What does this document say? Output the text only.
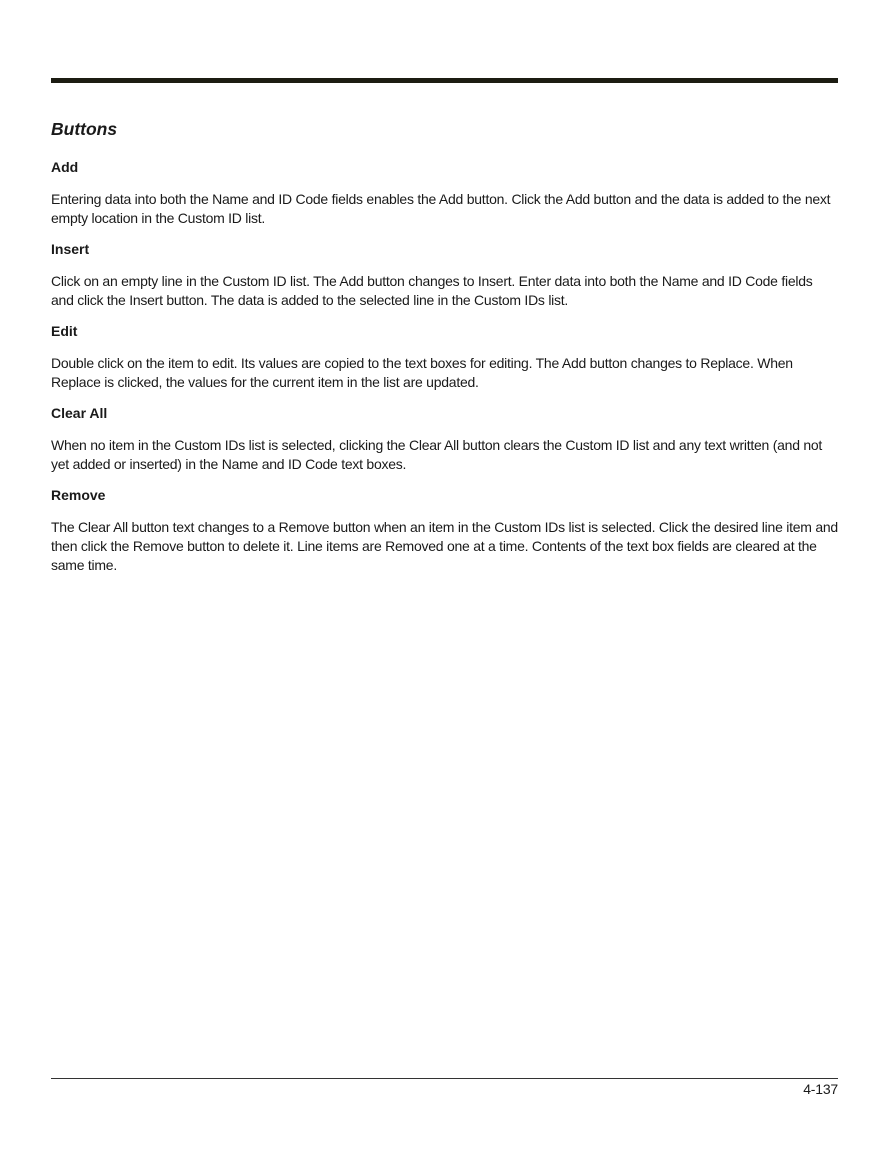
Buttons
Add

Entering data into both the Name and ID Code fields enables the Add button. Click the Add button and the data is added to the next empty location in the Custom ID list.

Insert

Click on an empty line in the Custom ID list. The Add button changes to Insert. Enter data into both the Name and ID Code fields and click the Insert button. The data is added to the selected line in the Custom IDs list.

Edit

Double click on the item to edit. Its values are copied to the text boxes for editing. The Add button changes to Replace. When Replace is clicked, the values for the current item in the list are updated.

Clear All

When no item in the Custom IDs list is selected, clicking the Clear All button clears the Custom ID list and any text written (and not yet added or inserted) in the Name and ID Code text boxes.

Remove

The Clear All button text changes to a Remove button when an item in the Custom IDs list is selected. Click the desired line item and then click the Remove button to delete it. Line items are Removed one at a time. Contents of the text box fields are cleared at the same time.

4-137
